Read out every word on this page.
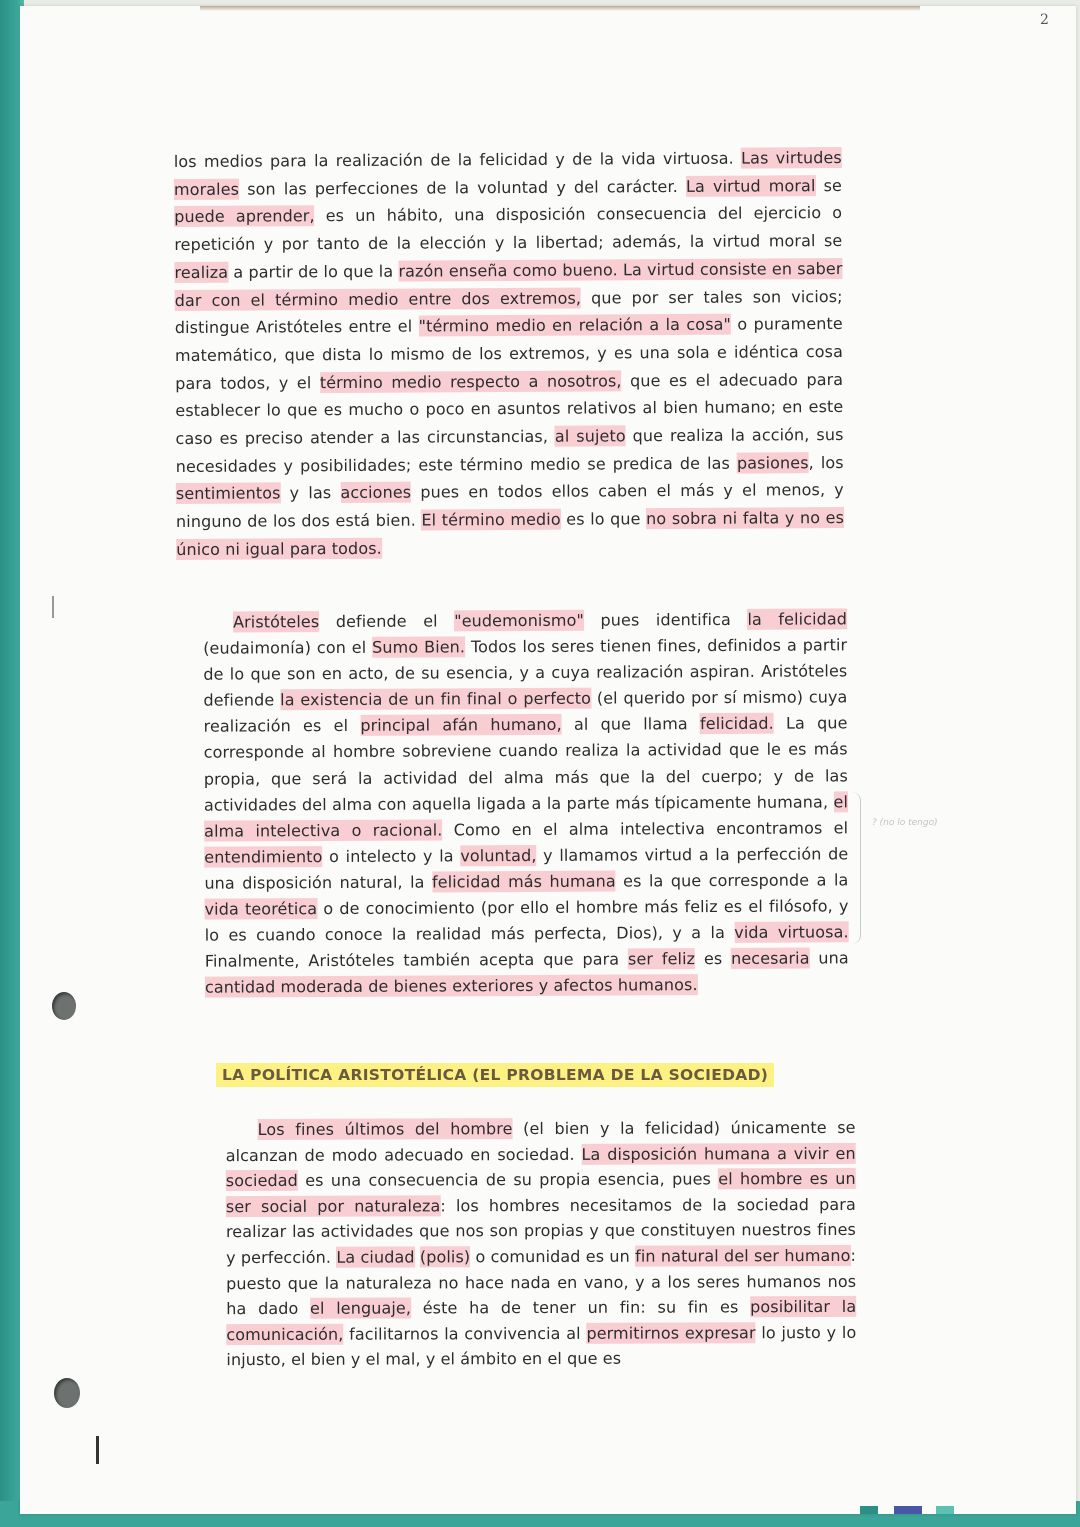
2
los medios para la realización de la felicidad y de la vida virtuosa. Las virtudes morales son las perfecciones de la voluntad y del carácter. La virtud moral se puede aprender, es un hábito, una disposición consecuencia del ejercicio o repetición y por tanto de la elección y la libertad; además, la virtud moral se realiza a partir de lo que la razón enseña como bueno. La virtud consiste en saber dar con el término medio entre dos extremos, que por ser tales son vicios; distingue Aristóteles entre el "término medio en relación a la cosa" o puramente matemático, que dista lo mismo de los extremos, y es una sola e idéntica cosa para todos, y el término medio respecto a nosotros, que es el adecuado para establecer lo que es mucho o poco en asuntos relativos al bien humano; en este caso es preciso atender a las circunstancias, al sujeto que realiza la acción, sus necesidades y posibilidades; este término medio se predica de las pasiones, los sentimientos y las acciones pues en todos ellos caben el más y el menos, y ninguno de los dos está bien. El término medio es lo que no sobra ni falta y no es único ni igual para todos.
Aristóteles defiende el "eudemonismo" pues identifica la felicidad (eudaimonía) con el Sumo Bien. Todos los seres tienen fines, definidos a partir de lo que son en acto, de su esencia, y a cuya realización aspiran. Aristóteles defiende la existencia de un fin final o perfecto (el querido por sí mismo) cuya realización es el principal afán humano, al que llama felicidad. La que corresponde al hombre sobreviene cuando realiza la actividad que le es más propia, que será la actividad del alma más que la del cuerpo; y de las actividades del alma con aquella ligada a la parte más típicamente humana, el alma intelectiva o racional. Como en el alma intelectiva encontramos el entendimiento o intelecto y la voluntad, y llamamos virtud a la perfección de una disposición natural, la felicidad más humana es la que corresponde a la vida teorética o de conocimiento (por ello el hombre más feliz es el filósofo, y lo es cuando conoce la realidad más perfecta, Dios), y a la vida virtuosa. Finalmente, Aristóteles también acepta que para ser feliz es necesaria una cantidad moderada de bienes exteriores y afectos humanos.
? (no lo tengo)
LA POLÍTICA ARISTOTÉLICA (EL PROBLEMA DE LA SOCIEDAD)
Los fines últimos del hombre (el bien y la felicidad) únicamente se alcanzan de modo adecuado en sociedad. La disposición humana a vivir en sociedad es una consecuencia de su propia esencia, pues el hombre es un ser social por naturaleza: los hombres necesitamos de la sociedad para realizar las actividades que nos son propias y que constituyen nuestros fines y perfección. La ciudad (polis) o comunidad es un fin natural del ser humano: puesto que la naturaleza no hace nada en vano, y a los seres humanos nos ha dado el lenguaje, éste ha de tener un fin: su fin es posibilitar la comunicación, facilitarnos la convivencia al permitirnos expresar lo justo y lo injusto, el bien y el mal, y el ámbito en el que es
